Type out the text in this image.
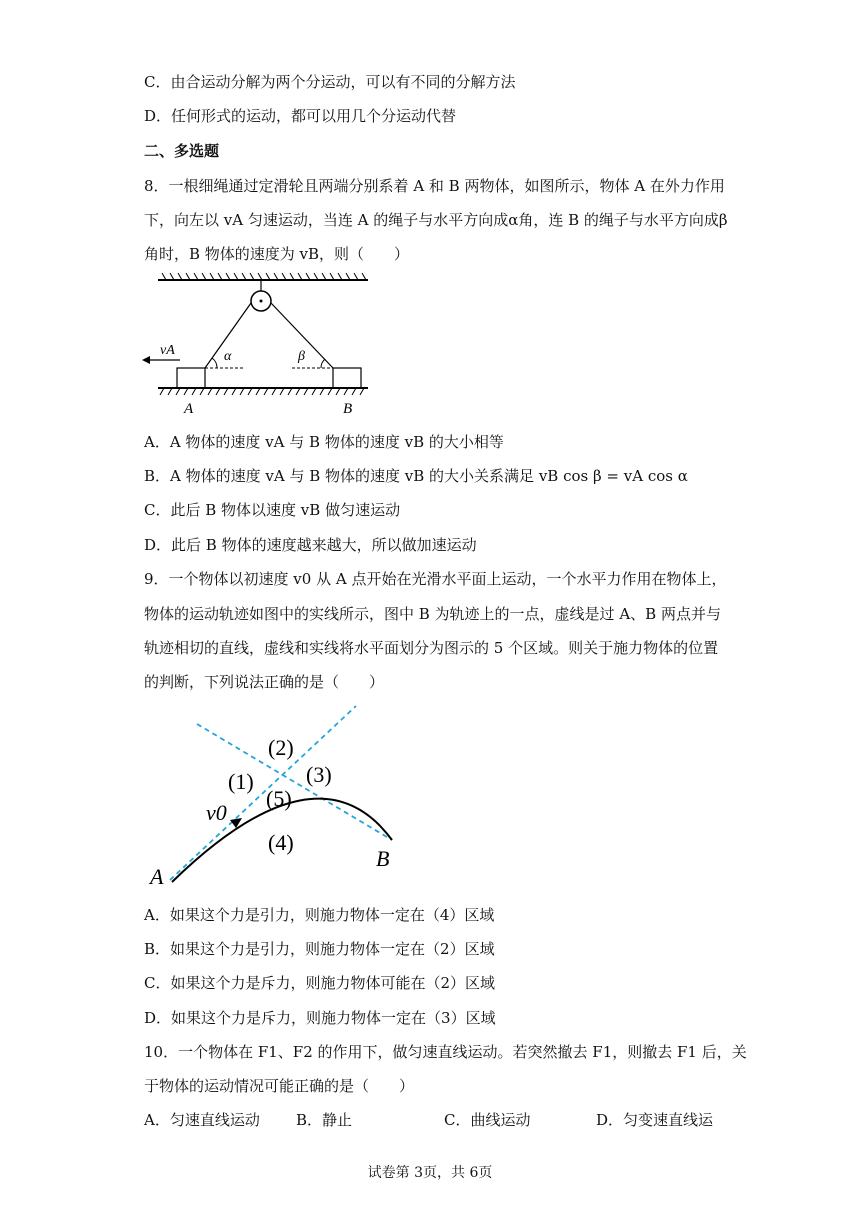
C．由合运动分解为两个分运动，可以有不同的分解方法
D．任何形式的运动，都可以用几个分运动代替
二、多选题
8．一根细绳通过定滑轮且两端分别系着 A 和 B 两物体，如图所示，物体 A 在外力作用
下，向左以 vA 匀速运动，当连 A 的绳子与水平方向成α角，连 B 的绳子与水平方向成β
角时，B 物体的速度为 vB，则（　　）
vA	α	β
A	B
A．A 物体的速度 vA 与 B 物体的速度 vB 的大小相等
B．A 物体的速度 vA 与 B 物体的速度 vB 的大小关系满足 vB cos β = vA cos α
C．此后 B 物体以速度 vB 做匀速运动
D．此后 B 物体的速度越来越大，所以做加速运动
9．一个物体以初速度 v0 从 A 点开始在光滑水平面上运动，一个水平力作用在物体上，
物体的运动轨迹如图中的实线所示，图中 B 为轨迹上的一点，虚线是过 A、B 两点并与
轨迹相切的直线，虚线和实线将水平面划分为图示的 5 个区域。则关于施力物体的位置
的判断，下列说法正确的是（　　）
(2)
(1) (3)
(5)
(4)
v0
A
B
A．如果这个力是引力，则施力物体一定在（4）区域
B．如果这个力是引力，则施力物体一定在（2）区域
C．如果这个力是斥力，则施力物体可能在（2）区域
D．如果这个力是斥力，则施力物体一定在（3）区域
10．一个物体在 F1、F2 的作用下，做匀速直线运动。若突然撤去 F1，则撤去 F1 后，关
于物体的运动情况可能正确的是（　　）
A．匀速直线运动 B．静止	C．曲线运动	D．匀变速直线运
试卷第 3页，共 6页
